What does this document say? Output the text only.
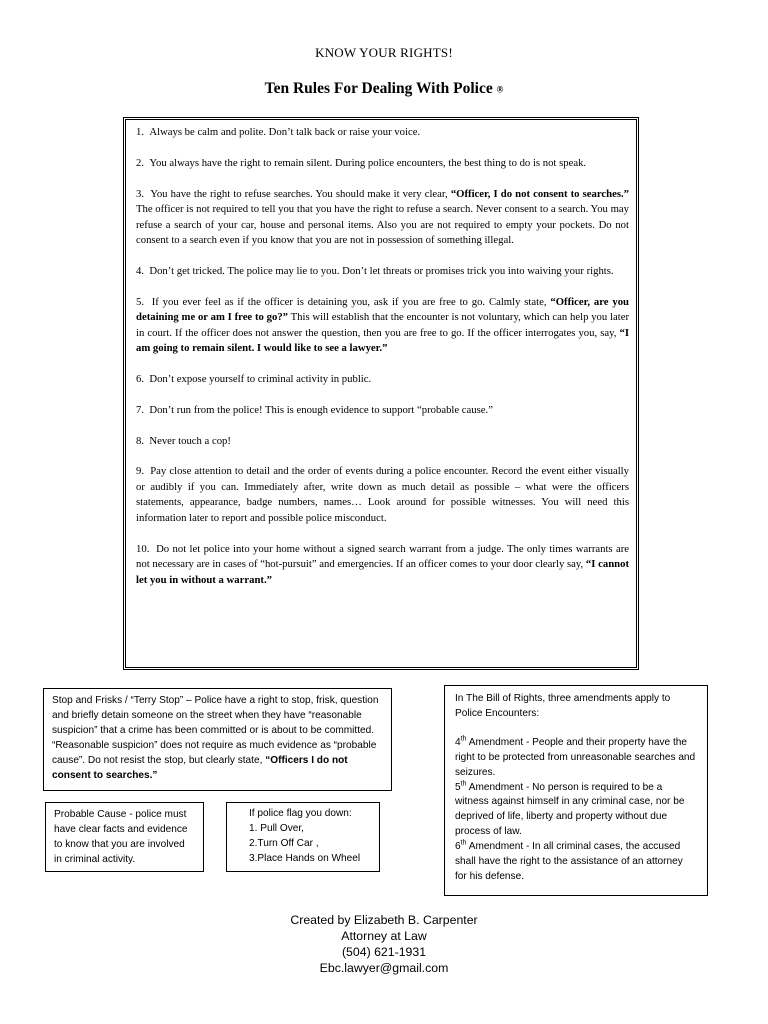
KNOW YOUR RIGHTS!
Ten Rules For Dealing With Police ®

1. Always be calm and polite. Don’t talk back or raise your voice.

2. You always have the right to remain silent. During police encounters, the best thing to do is not speak.

3. You have the right to refuse searches. You should make it very clear, “Officer, I do not consent to searches.” The officer is not required to tell you that you have the right to refuse a search. Never consent to a search. You may refuse a search of your car, house and personal items. Also you are not required to empty your pockets. Do not consent to a search even if you know that you are not in possession of something illegal.

4. Don’t get tricked. The police may lie to you. Don’t let threats or promises trick you into waiving your rights.

5. If you ever feel as if the officer is detaining you, ask if you are free to go. Calmly state, “Officer, are you detaining me or am I free to go?” This will establish that the encounter is not voluntary, which can help you later in court. If the officer does not answer the question, then you are free to go. If the officer interrogates you, say, “I am going to remain silent. I would like to see a lawyer.”

6. Don’t expose yourself to criminal activity in public.

7. Don’t run from the police! This is enough evidence to support “probable cause.”

8. Never touch a cop!

9. Pay close attention to detail and the order of events during a police encounter. Record the event either visually or audibly if you can. Immediately after, write down as much detail as possible – what were the officers statements, appearance, badge numbers, names… Look around for possible witnesses. You will need this information later to report and possible police misconduct.

10. Do not let police into your home without a signed search warrant from a judge. The only times warrants are not necessary are in cases of “hot-pursuit” and emergencies. If an officer comes to your door clearly say, “I cannot let you in without a warrant.”

Stop and Frisks / “Terry Stop” – Police have a right to stop, frisk, question and briefly detain someone on the street when they have “reasonable suspicion” that a crime has been committed or is about to be committed. “Reasonable suspicion” does not require as much evidence as “probable cause”. Do not resist the stop, but clearly state, “Officers I do not consent to searches.”
Probable Cause - police must have clear facts and evidence to know that you are involved in criminal activity.
If police flag you down:
1. Pull Over,
2.Turn Off Car ,
3.Place Hands on Wheel
In The Bill of Rights, three amendments apply to Police Encounters:

4th Amendment - People and their property have the right to be protected from unreasonable searches and seizures.

5th Amendment - No person is required to be a witness against himself in any criminal case, nor be deprived of life, liberty and property without due process of law.

6th Amendment - In all criminal cases, the accused shall have the right to the assistance of an attorney for his defense.

Created by Elizabeth B. Carpenter
Attorney at Law
(504) 621-1931
Ebc.lawyer@gmail.com
